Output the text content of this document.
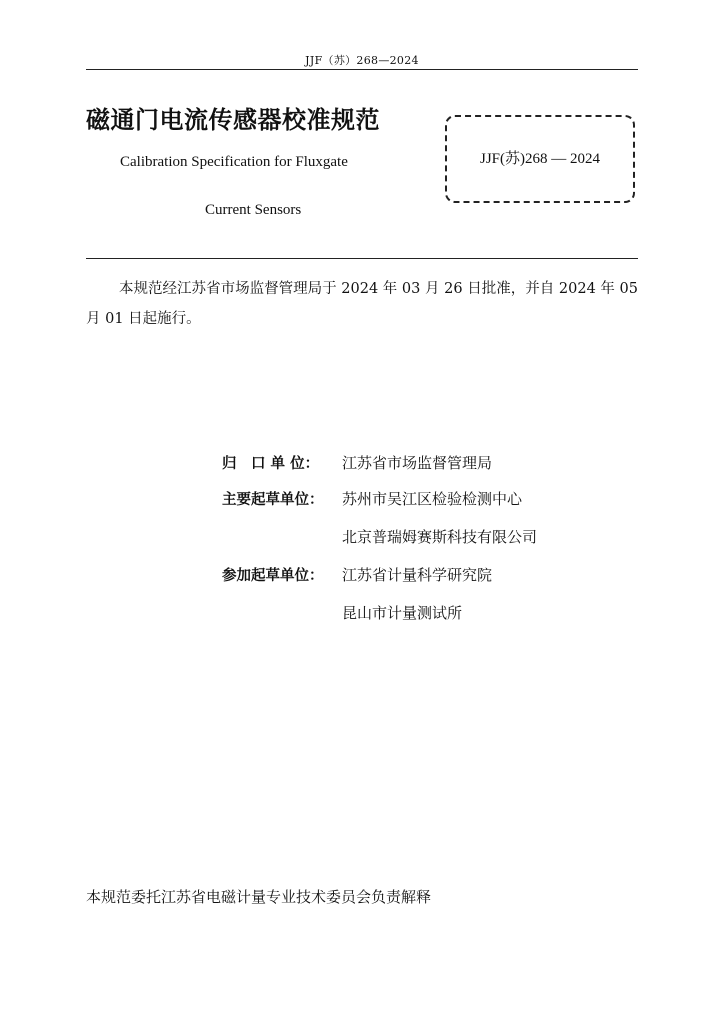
JJF（苏）268—2024
磁通门电流传感器校准规范
Calibration Specification for Fluxgate
Current Sensors
JJF(苏)268 — 2024
本规范经江苏省市场监督管理局于 2024 年 03 月 26 日批准，并自 2024 年 05 月 01 日起施行。
归　口 单 位： 江苏省市场监督管理局
主要起草单位： 苏州市吴江区检验检测中心
北京普瑞姆赛斯科技有限公司
参加起草单位： 江苏省计量科学研究院
昆山市计量测试所
本规范委托江苏省电磁计量专业技术委员会负责解释
